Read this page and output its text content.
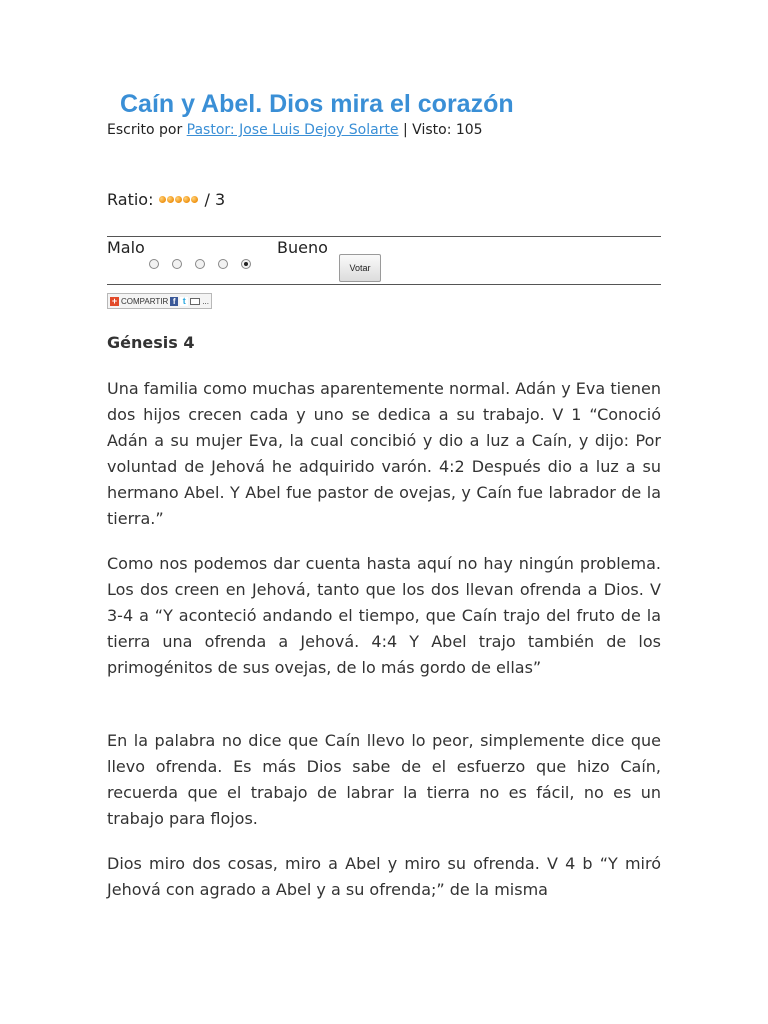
Caín y Abel. Dios mira el corazón
Escrito por Pastor: Jose Luis Dejoy Solarte | Visto: 105
Ratio:	/ 3
Malo	Bueno
Votar
+ COMPARTIR f t	...
Génesis 4

Una familia como muchas aparentemente normal. Adán y Eva tienen dos hijos crecen cada y uno se dedica a su trabajo. V 1 “Conoció Adán a su mujer Eva, la cual concibió y dio a luz a Caín, y dijo: Por voluntad de Jehová he adquirido varón. 4:2 Después dio a luz a su hermano Abel. Y Abel fue pastor de ovejas, y Caín fue labrador de la tierra.”

Como nos podemos dar cuenta hasta aquí no hay ningún problema. Los dos creen en Jehová, tanto que los dos llevan ofrenda a Dios. V 3-4 a “Y aconteció andando el tiempo, que Caín trajo del fruto de la tierra una ofrenda a Jehová. 4:4 Y Abel trajo también de los primogénitos de sus ovejas, de lo más gordo de ellas”

En la palabra no dice que Caín llevo lo peor, simplemente dice que llevo ofrenda. Es más Dios sabe de el esfuerzo que hizo Caín, recuerda que el trabajo de labrar la tierra no es fácil, no es un trabajo para flojos.

Dios miro dos cosas, miro a Abel y miro su ofrenda. V 4 b “Y miró Jehová con agrado a Abel y a su ofrenda;” de la misma
